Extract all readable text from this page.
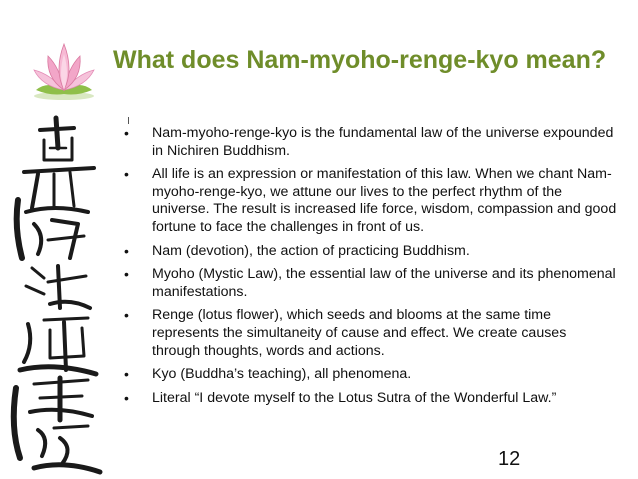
What does Nam-myoho-renge-kyo mean?
• Nam-myoho-renge-kyo is the fundamental law of the universe expounded in Nichiren Buddhism.
• All life is an expression or manifestation of this law. When we chant Nam-myoho-renge-kyo, we attune our lives to the perfect rhythm of the universe. The result is increased life force, wisdom, compassion and good fortune to face the challenges in front of us.
• Nam (devotion), the action of practicing Buddhism.
• Myoho (Mystic Law), the essential law of the universe and its phenomenal manifestations.
• Renge (lotus flower), which seeds and blooms at the same time represents the simultaneity of cause and effect. We create causes through thoughts, words and actions.
• Kyo (Buddha’s teaching), all phenomena.
• Literal “I devote myself to the Lotus Sutra of the Wonderful Law.”
12
